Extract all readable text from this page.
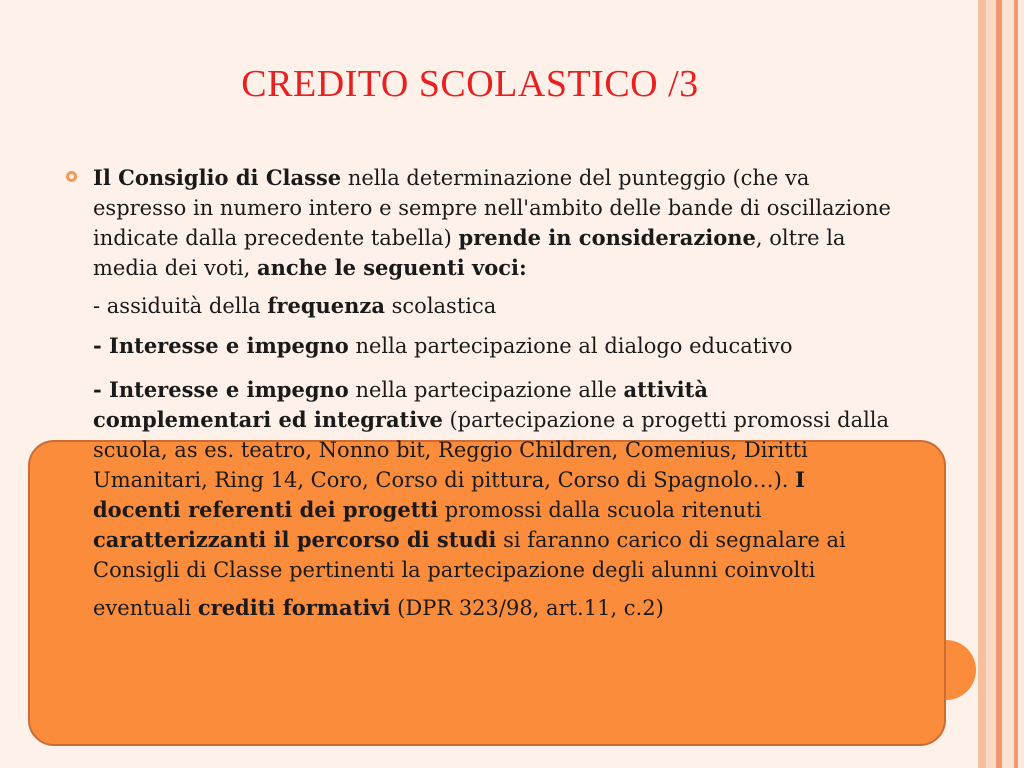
CREDITO SCOLASTICO /3

Il Consiglio di Classe nella determinazione del punteggio (che va espresso in numero intero e sempre nell'ambito delle bande di oscillazione indicate dalla precedente tabella) prende in considerazione, oltre la media dei voti, anche le seguenti voci:

- assiduità della frequenza scolastica

- Interesse e impegno nella partecipazione al dialogo educativo

- Interesse e impegno nella partecipazione alle attività complementari ed integrative (partecipazione a progetti promossi dalla scuola, as es. teatro, Nonno bit, Reggio Children, Comenius, Diritti Umanitari, Ring 14, Coro, Corso di pittura, Corso di Spagnolo…). I docenti referenti dei progetti promossi dalla scuola ritenuti caratterizzanti il percorso di studi si faranno carico di segnalare ai Consigli di Classe pertinenti la partecipazione degli alunni coinvolti

eventuali crediti formativi (DPR 323/98, art.11, c.2)
